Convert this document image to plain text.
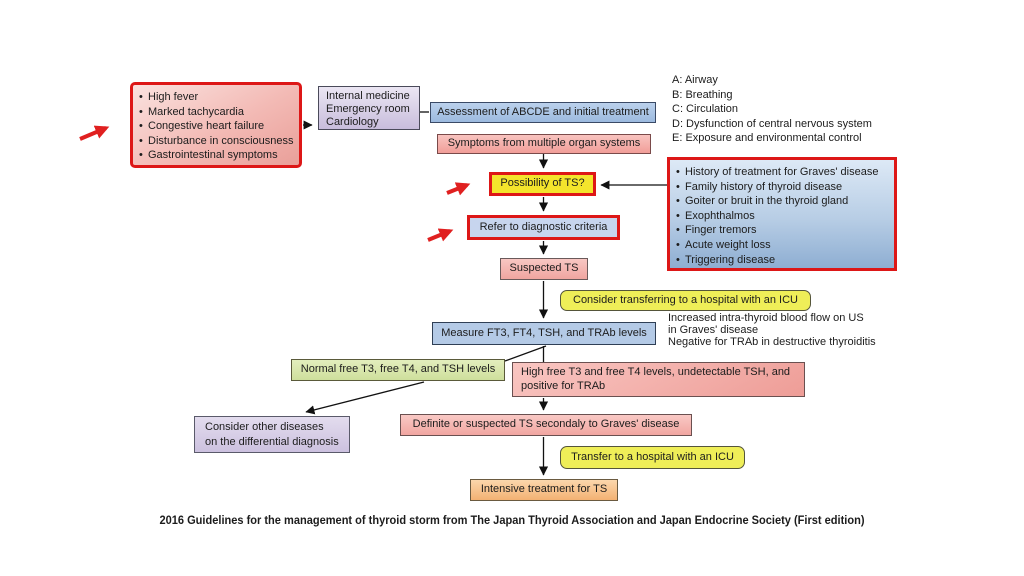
• High fever
• Marked tachycardia
• Congestive heart failure
• Disturbance in consciousness
• Gastrointestinal symptoms
Internal medicine
Emergency room
Cardiology
Assessment of ABCDE and initial treatment
Symptoms from multiple organ systems
A: Airway
B: Breathing
C: Circulation
D: Dysfunction of central nervous system
E: Exposure and environmental control
Possibility of TS?
• History of treatment for Graves' disease
• Family history of thyroid disease
• Goiter or bruit in the thyroid gland
• Exophthalmos
• Finger tremors
• Acute weight loss
• Triggering disease
Refer to diagnostic criteria
Suspected TS
Consider transferring to a hospital with an ICU
Measure FT3, FT4, TSH, and TRAb levels
Increased intra-thyroid blood flow on US
in Graves' disease
Negative for TRAb in destructive thyroiditis
Normal free T3, free T4, and TSH levels	High free T3 and free T4 levels, undetectable TSH, and positive for TRAb
Consider other diseases
on the differential diagnosis
Definite or suspected TS secondaly to Graves' disease
Transfer to a hospital with an ICU
Intensive treatment for TS
2016 Guidelines for the management of thyroid storm from The Japan Thyroid Association and Japan Endocrine Society (First edition)
